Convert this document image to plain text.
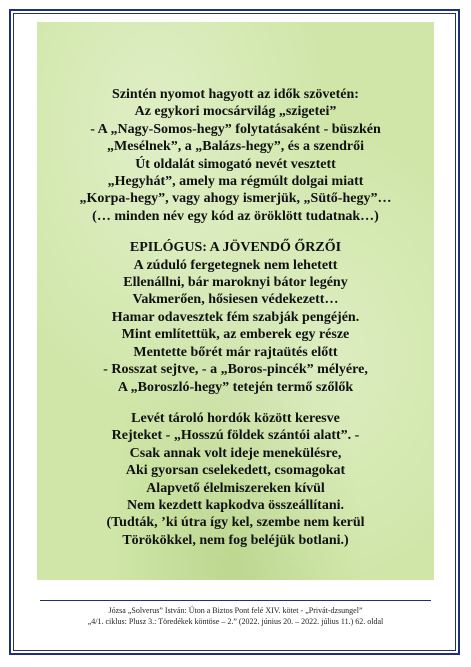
Szintén nyomot hagyott az idők szövetén:

Az egykori mocsárvilág „szigetei”

- A „Nagy-Somos-hegy” folytatásaként - büszkén

„Mesélnek”, a „Balázs-hegy”, és a szendrői

Út oldalát simogató nevét vesztett

„Hegyhát”, amely ma régmúlt dolgai miatt

„Korpa-hegy”, vagy ahogy ismerjük, „Sütő-hegy”…

(… minden név egy kód az öröklött tudatnak…)

EPILÓGUS: A JÖVENDŐ ŐRZŐI

A zúduló fergetegnek nem lehetett

Ellenállni, bár maroknyi bátor legény

Vakmerően, hősiesen védekezett…

Hamar odavesztek fém szabják pengéjén.

Mint említettük, az emberek egy része

Mentette bőrét már rajtaütés előtt

- Rosszat sejtve, - a „Boros-pincék” mélyére,

A „Boroszló-hegy” tetején termő szőlők

Levét tároló hordók között keresve

Rejteket - „Hosszú földek szántói alatt”. -

Csak annak volt ideje menekülésre,

Aki gyorsan cselekedett, csomagokat

Alapvető élelmiszereken kívül

Nem kezdett kapkodva összeállítani.

(Tudták, ’ki útra így kel, szembe nem kerül

Törökökkel, nem fog beléjük botlani.)

Józsa „Solverus” István: Úton a Biztos Pont felé XIV. kötet - „Privát-dzsungel”
„4/1. ciklus: Plusz 3.: Töredékek köntöse – 2.” (2022. június 20. – 2022. július 11.) 62. oldal
